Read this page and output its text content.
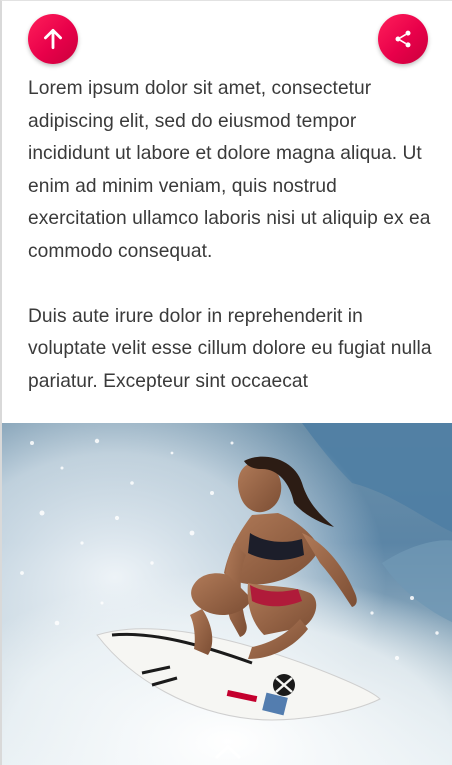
Lorem ipsum dolor sit amet, consectetur adipiscing elit, sed do eiusmod tempor incididunt ut labore et dolore magna aliqua. Ut enim ad minim veniam, quis nostrud exercitation ullamco laboris nisi ut aliquip ex ea commodo consequat.

Duis aute irure dolor in reprehenderit in voluptate velit esse cillum dolore eu fugiat nulla pariatur. Excepteur sint occaecat
